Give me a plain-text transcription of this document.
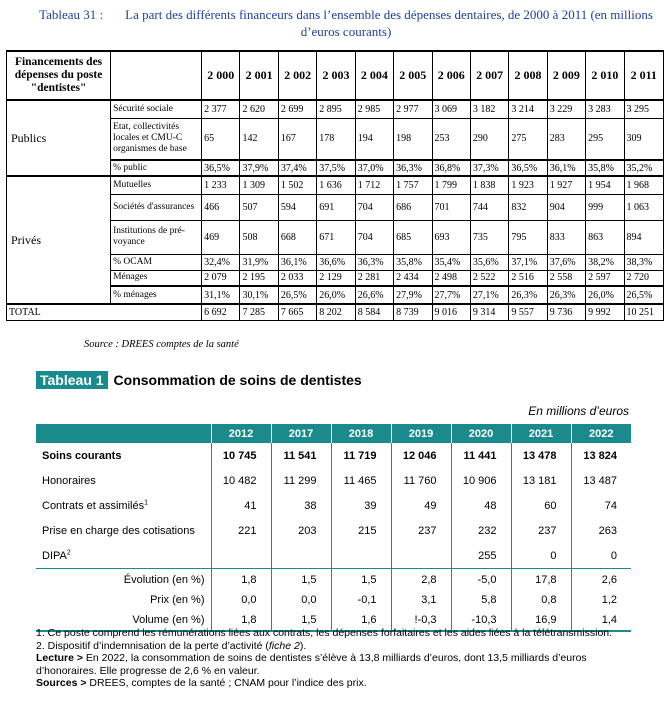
Tableau 31 : La part des différents financeurs dans l’ensemble des dépenses dentaires, de 2000 à 2011 (en millions d’euros courants)
Financements des dépenses du poste "dentistes"		2 000	2 001	2 002	2 003	2 004	2 005	2 006	2 007	2 008	2 009	2 010	2 011
Publics	Sécurité sociale	2 377	2 620	2 699	2 895	2 985	2 977	3 069	3 182	3 214	3 229	3 283	3 295
	Etat, collectivités locales et CMU-C organismes de base	65	142	167	178	194	198	253	290	275	283	295	309
	% public	36,5%	37,9%	37,4%	37,5%	37,0%	36,3%	36,8%	37,3%	36,5%	36,1%	35,8%	35,2%
Privés	Mutuelles	1 233	1 309	1 502	1 636	1 712	1 757	1 799	1 838	1 923	1 927	1 954	1 968
	Sociétés d'assurances	466	507	594	691	704	686	701	744	832	904	999	1 063
	Institutions de pré-voyance	469	508	668	671	704	685	693	735	795	833	863	894
	% OCAM	32,4%	31,9%	36,1%	36,6%	36,3%	35,8%	35,4%	35,6%	37,1%	37,6%	38,2%	38,3%
	Ménages	2 079	2 195	2 033	2 129	2 281	2 434	2 498	2 522	2 516	2 558	2 597	2 720
	% ménages	31,1%	30,1%	26,5%	26,0%	26,6%	27,9%	27,7%	27,1%	26,3%	26,3%	26,0%	26,5%
TOTAL		6 692	7 285	7 665	8 202	8 584	8 739	9 016	9 314	9 557	9 736	9 992	10 251
Source : DREES comptes de la santé
Tableau 1 Consommation de soins de dentistes
En millions d’euros
	2012	2017	2018	2019	2020	2021	2022
Soins courants	10 745	11 541	11 719	12 046	11 441	13 478	13 824
Honoraires	10 482	11 299	11 465	11 760	10 906	13 181	13 487
Contrats et assimilés$^1$	41	38	39	49	48	60	74
Prise en charge des cotisations	221	203	215	237	232	237	263
DIPA$^2$					255	0	0
Évolution (en %)	1,8	1,5	1,5	2,8	-5,0	17,8	2,6
Prix (en %)	0,0	0,0	-0,1	3,1	5,8	0,8	1,2
Volume (en %)	1,8	1,5	1,6	!-0,3	-10,3	16,9	1,4
1. Ce poste comprend les rémunérations liées aux contrats, les dépenses forfaitaires et les aides liées à la télétransmission.
2. Dispositif d’indemnisation de la perte d’activité (fiche 2).
Lecture > En 2022, la consommation de soins de dentistes s’élève à 13,8 milliards d’euros, dont 13,5 milliards d’euros d’honoraires. Elle progresse de 2,6 % en valeur.
Sources > DREES, comptes de la santé ; CNAM pour l’indice des prix.
